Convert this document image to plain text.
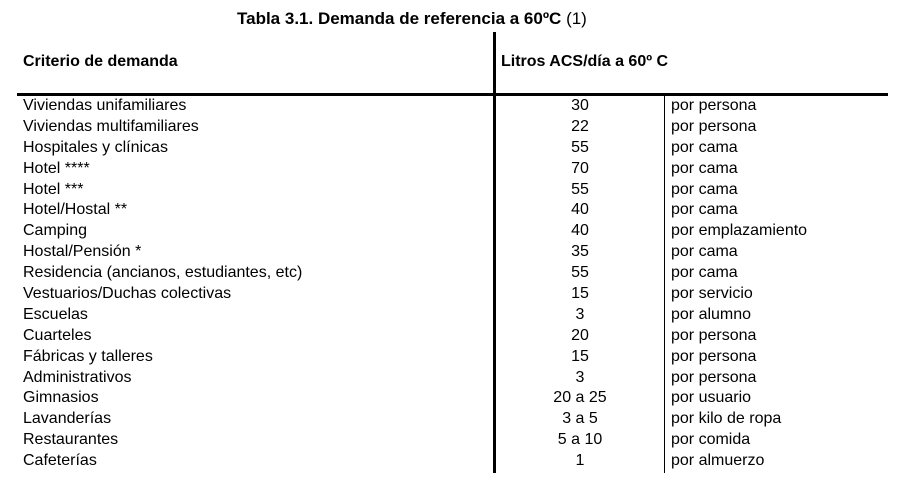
Tabla 3.1. Demanda de referencia a 60ºC (1)
Criterio de demanda	Litros ACS/día a 60º C
Viviendas unifamiliares	30	por persona
Viviendas multifamiliares	22	por persona
Hospitales y clínicas	55	por cama
Hotel ****	70	por cama
Hotel ***	55	por cama
Hotel/Hostal **	40	por cama
Camping	40	por emplazamiento
Hostal/Pensión *	35	por cama
Residencia (ancianos, estudiantes, etc)	55	por cama
Vestuarios/Duchas colectivas	15	por servicio
Escuelas	3	por alumno
Cuarteles	20	por persona
Fábricas y talleres	15	por persona
Administrativos	3	por persona
Gimnasios	20 a 25	por usuario
Lavanderías	3 a 5	por kilo de ropa
Restaurantes	5 a 10	por comida
Cafeterías	1	por almuerzo
